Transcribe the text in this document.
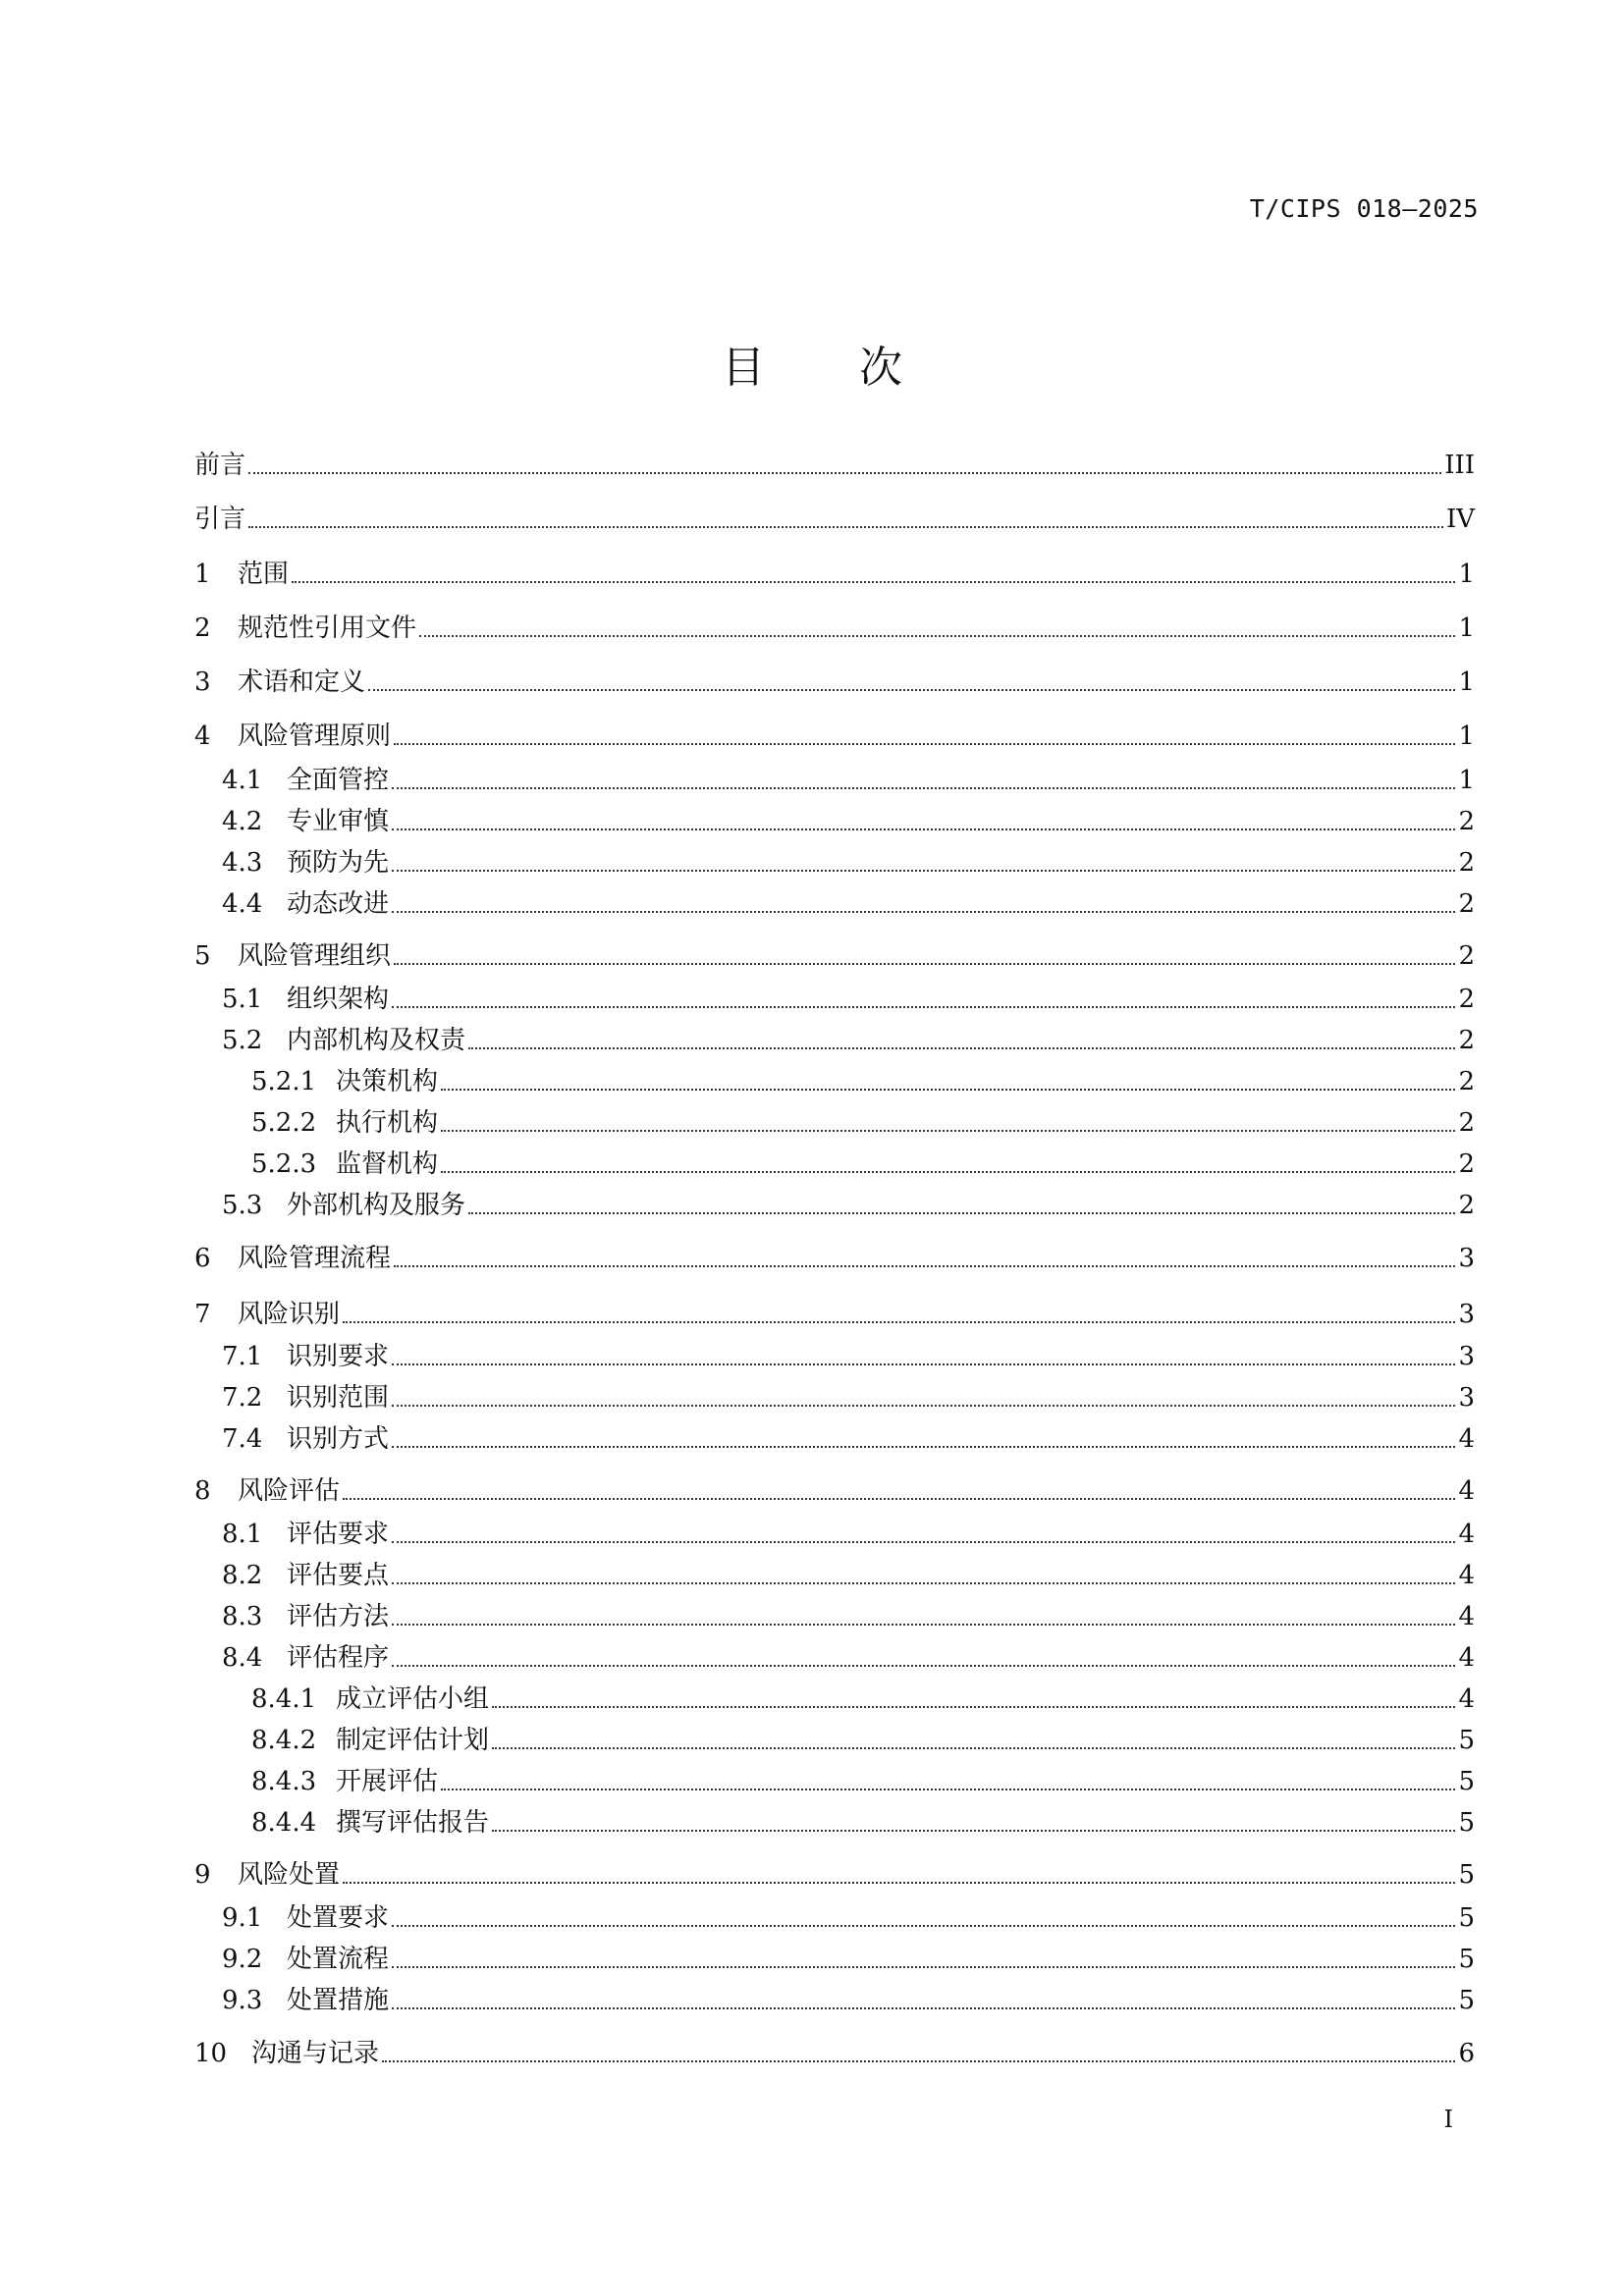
T/CIPS 018—2025
目 次
前言	III
引言	IV
1	范围	1
2	规范性引用文件	1
3	术语和定义	1
4	风险管理原则	1
4.1 全面管控	1
4.2 专业审慎	2
4.3 预防为先	2
4.4 动态改进	2
5	风险管理组织	2
5.1 组织架构	2
5.2 内部机构及权责	2
5.2.1 决策机构	2
5.2.2 执行机构	2
5.2.3 监督机构	2
5.3 外部机构及服务	2
6	风险管理流程	3
7	风险识别	3
7.1 识别要求	3
7.2 识别范围	3
7.4 识别方式	4
8	风险评估	4
8.1 评估要求	4
8.2 评估要点	4
8.3 评估方法	4
8.4 评估程序	4
8.4.1 成立评估小组	4
8.4.2 制定评估计划	5
8.4.3 开展评估	5
8.4.4 撰写评估报告	5
9	风险处置	5
9.1 处置要求	5
9.2 处置流程	5
9.3 处置措施	5
10 沟通与记录	6
I
